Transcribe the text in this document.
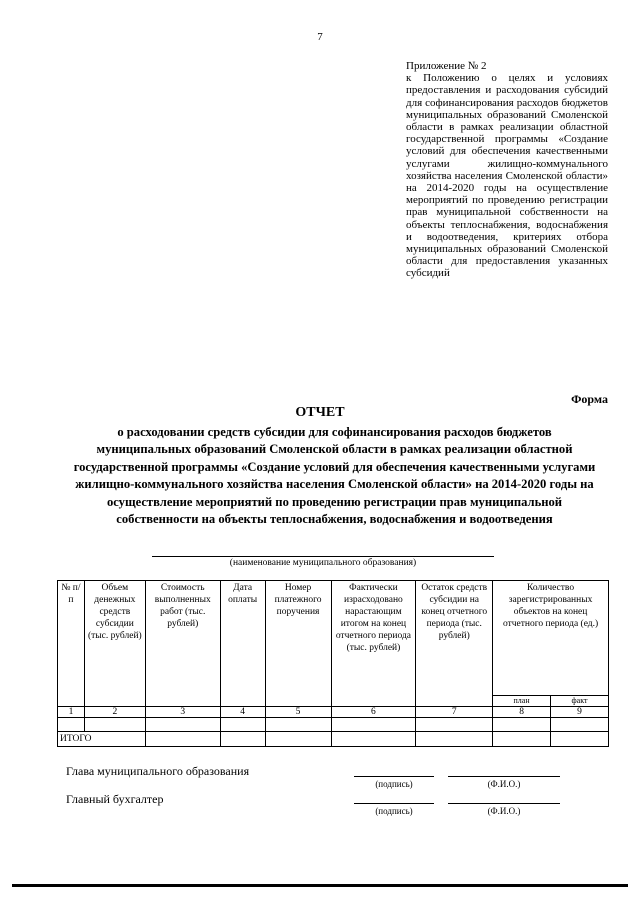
7
Приложение № 2
к Положению о целях и условиях предоставления и расходования субсидий для софинансирования расходов бюджетов муниципальных образований Смоленской области в рамках реализации областной государственной программы «Создание условий для обеспечения качественными услугами жилищно-коммунального хозяйства населения Смоленской области» на 2014-2020 годы на осуществление мероприятий по проведению регистрации прав муниципальной собственности на объекты теплоснабжения, водоснабжения и водоотведения, критериях отбора муниципальных образований Смоленской области для предоставления указанных субсидий
Форма
ОТЧЕТ
о расходовании средств субсидии для софинансирования расходов бюджетов муниципальных образований Смоленской области в рамках реализации областной государственной программы «Создание условий для обеспечения качественными услугами жилищно-коммунального хозяйства населения Смоленской области» на 2014-2020 годы на осуществление мероприятий по проведению регистрации прав муниципальной собственности на объекты теплоснабжения, водоснабжения и водоотведения
(наименование муниципального образования)
№ п/п	Объем денежных средств субсидии (тыс. рублей)	Стоимость выполненных работ (тыс. рублей)	Дата оплаты	Номер платежного поручения	Фактически израсходовано нарастающим итогом на конец отчетного периода (тыс. рублей)	Остаток средств субсидии на конец отчетного периода (тыс. рублей)	Количество зарегистрированных объектов на конец отчетного периода (ед.)	
							план	факт
1	2	3	4	5	6	7	8	9

ИТОГО								
Глава муниципального образования
(подпись)	(Ф.И.О.)
Главный бухгалтер
(подпись)	(Ф.И.О.)
